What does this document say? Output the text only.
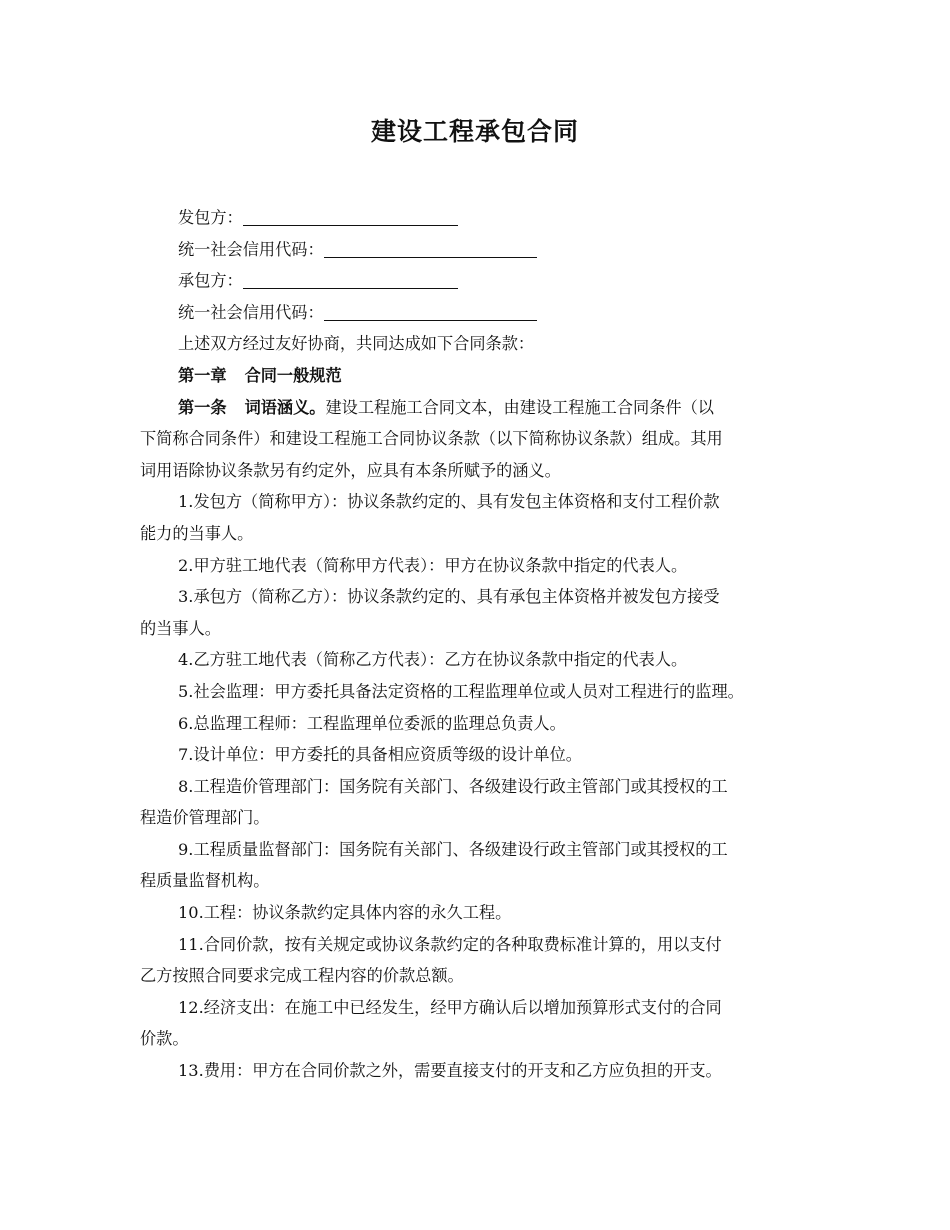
建设工程承包合同
发包方：
统一社会信用代码：
承包方：
统一社会信用代码：
上述双方经过友好协商，共同达成如下合同条款：
第一章 合同一般规范
第一条 词语涵义。建设工程施工合同文本，由建设工程施工合同条件（以
下简称合同条件）和建设工程施工合同协议条款（以下简称协议条款）组成。其用
词用语除协议条款另有约定外，应具有本条所赋予的涵义。
1.发包方（简称甲方）：协议条款约定的、具有发包主体资格和支付工程价款
能力的当事人。
2.甲方驻工地代表（简称甲方代表）：甲方在协议条款中指定的代表人。
3.承包方（简称乙方）：协议条款约定的、具有承包主体资格并被发包方接受
的当事人。
4.乙方驻工地代表（简称乙方代表）：乙方在协议条款中指定的代表人。
5.社会监理：甲方委托具备法定资格的工程监理单位或人员对工程进行的监理。
6.总监理工程师：工程监理单位委派的监理总负责人。
7.设计单位：甲方委托的具备相应资质等级的设计单位。
8.工程造价管理部门：国务院有关部门、各级建设行政主管部门或其授权的工
程造价管理部门。
9.工程质量监督部门：国务院有关部门、各级建设行政主管部门或其授权的工
程质量监督机构。
10.工程：协议条款约定具体内容的永久工程。
11.合同价款，按有关规定或协议条款约定的各种取费标准计算的，用以支付
乙方按照合同要求完成工程内容的价款总额。
12.经济支出：在施工中已经发生，经甲方确认后以增加预算形式支付的合同
价款。
13.费用：甲方在合同价款之外，需要直接支付的开支和乙方应负担的开支。
